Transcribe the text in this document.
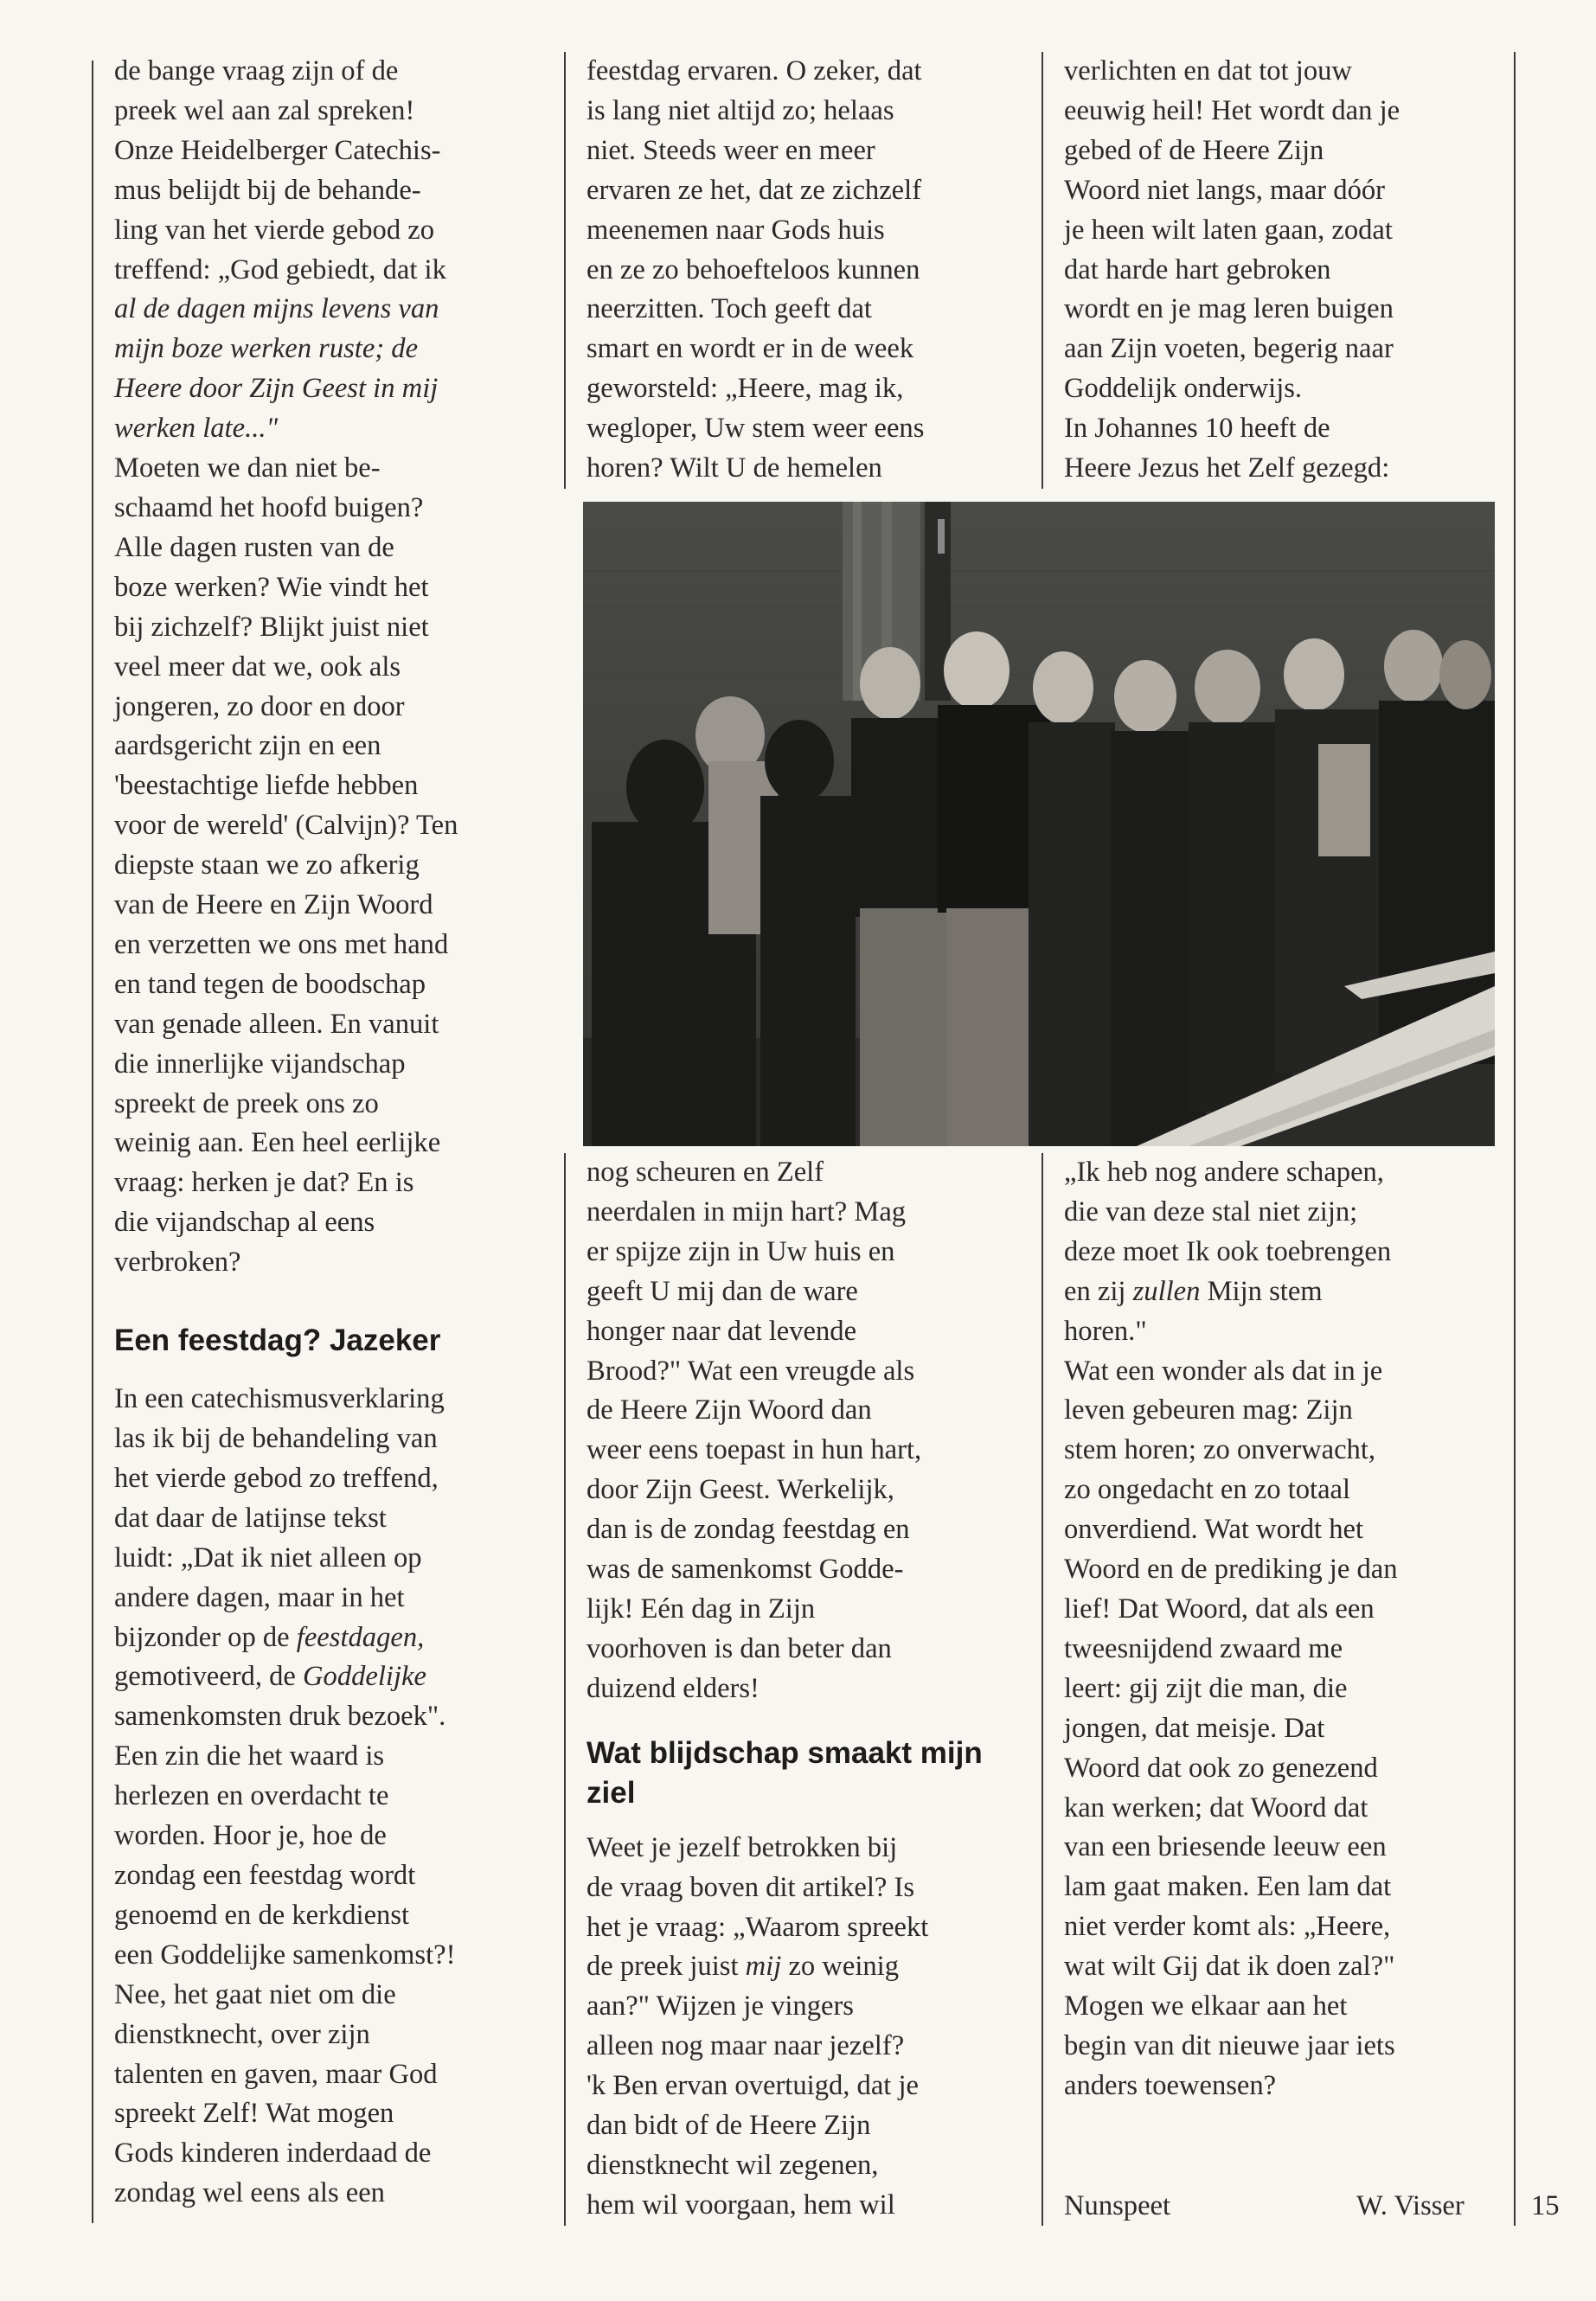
de bange vraag zijn of de
preek wel aan zal spreken!
Onze Heidelberger Catechis-
mus belijdt bij de behande-
ling van het vierde gebod zo
treffend: „God gebiedt, dat ik
al de dagen mijns levens van
mijn boze werken ruste; de
Heere door Zijn Geest in mij
werken late..."
Moeten we dan niet be-
schaamd het hoofd buigen?
Alle dagen rusten van de
boze werken? Wie vindt het
bij zichzelf? Blijkt juist niet
veel meer dat we, ook als
jongeren, zo door en door
aardsgericht zijn en een
'beestachtige liefde hebben
voor de wereld' (Calvijn)? Ten
diepste staan we zo afkerig
van de Heere en Zijn Woord
en verzetten we ons met hand
en tand tegen de boodschap
van genade alleen. En vanuit
die innerlijke vijandschap
spreekt de preek ons zo
weinig aan. Een heel eerlijke
vraag: herken je dat? En is
die vijandschap al eens
verbroken?
Een feestdag? Jazeker
In een catechismusverklaring
las ik bij de behandeling van
het vierde gebod zo treffend,
dat daar de latijnse tekst
luidt: „Dat ik niet alleen op
andere dagen, maar in het
bijzonder op de feestdagen,
gemotiveerd, de Goddelijke
samenkomsten druk bezoek".
Een zin die het waard is
herlezen en overdacht te
worden. Hoor je, hoe de
zondag een feestdag wordt
genoemd en de kerkdienst
een Goddelijke samenkomst?!
Nee, het gaat niet om die
dienstknecht, over zijn
talenten en gaven, maar God
spreekt Zelf! Wat mogen
Gods kinderen inderdaad de
zondag wel eens als een
feestdag ervaren. O zeker, dat
is lang niet altijd zo; helaas
niet. Steeds weer en meer
ervaren ze het, dat ze zichzelf
meenemen naar Gods huis
en ze zo behoefteloos kunnen
neerzitten. Toch geeft dat
smart en wordt er in de week
geworsteld: „Heere, mag ik,
wegloper, Uw stem weer eens
horen? Wilt U de hemelen
verlichten en dat tot jouw
eeuwig heil! Het wordt dan je
gebed of de Heere Zijn
Woord niet langs, maar dóór
je heen wilt laten gaan, zodat
dat harde hart gebroken
wordt en je mag leren buigen
aan Zijn voeten, begerig naar
Goddelijk onderwijs.
In Johannes 10 heeft de
Heere Jezus het Zelf gezegd:
nog scheuren en Zelf
neerdalen in mijn hart? Mag
er spijze zijn in Uw huis en
geeft U mij dan de ware
honger naar dat levende
Brood?" Wat een vreugde als
de Heere Zijn Woord dan
weer eens toepast in hun hart,
door Zijn Geest. Werkelijk,
dan is de zondag feestdag en
was de samenkomst Godde-
lijk! Eén dag in Zijn
voorhoven is dan beter dan
duizend elders!
Wat blijdschap smaakt mijn ziel
Weet je jezelf betrokken bij
de vraag boven dit artikel? Is
het je vraag: „Waarom spreekt
de preek juist mij zo weinig
aan?" Wijzen je vingers
alleen nog maar naar jezelf?
'k Ben ervan overtuigd, dat je
dan bidt of de Heere Zijn
dienstknecht wil zegenen,
hem wil voorgaan, hem wil
„Ik heb nog andere schapen,
die van deze stal niet zijn;
deze moet Ik ook toebrengen
en zij zullen Mijn stem
horen."
Wat een wonder als dat in je
leven gebeuren mag: Zijn
stem horen; zo onverwacht,
zo ongedacht en zo totaal
onverdiend. Wat wordt het
Woord en de prediking je dan
lief! Dat Woord, dat als een
tweesnijdend zwaard me
leert: gij zijt die man, die
jongen, dat meisje. Dat
Woord dat ook zo genezend
kan werken; dat Woord dat
van een briesende leeuw een
lam gaat maken. Een lam dat
niet verder komt als: „Heere,
wat wilt Gij dat ik doen zal?"
Mogen we elkaar aan het
begin van dit nieuwe jaar iets
anders toewensen?
Nunspeet	W. Visser 15
